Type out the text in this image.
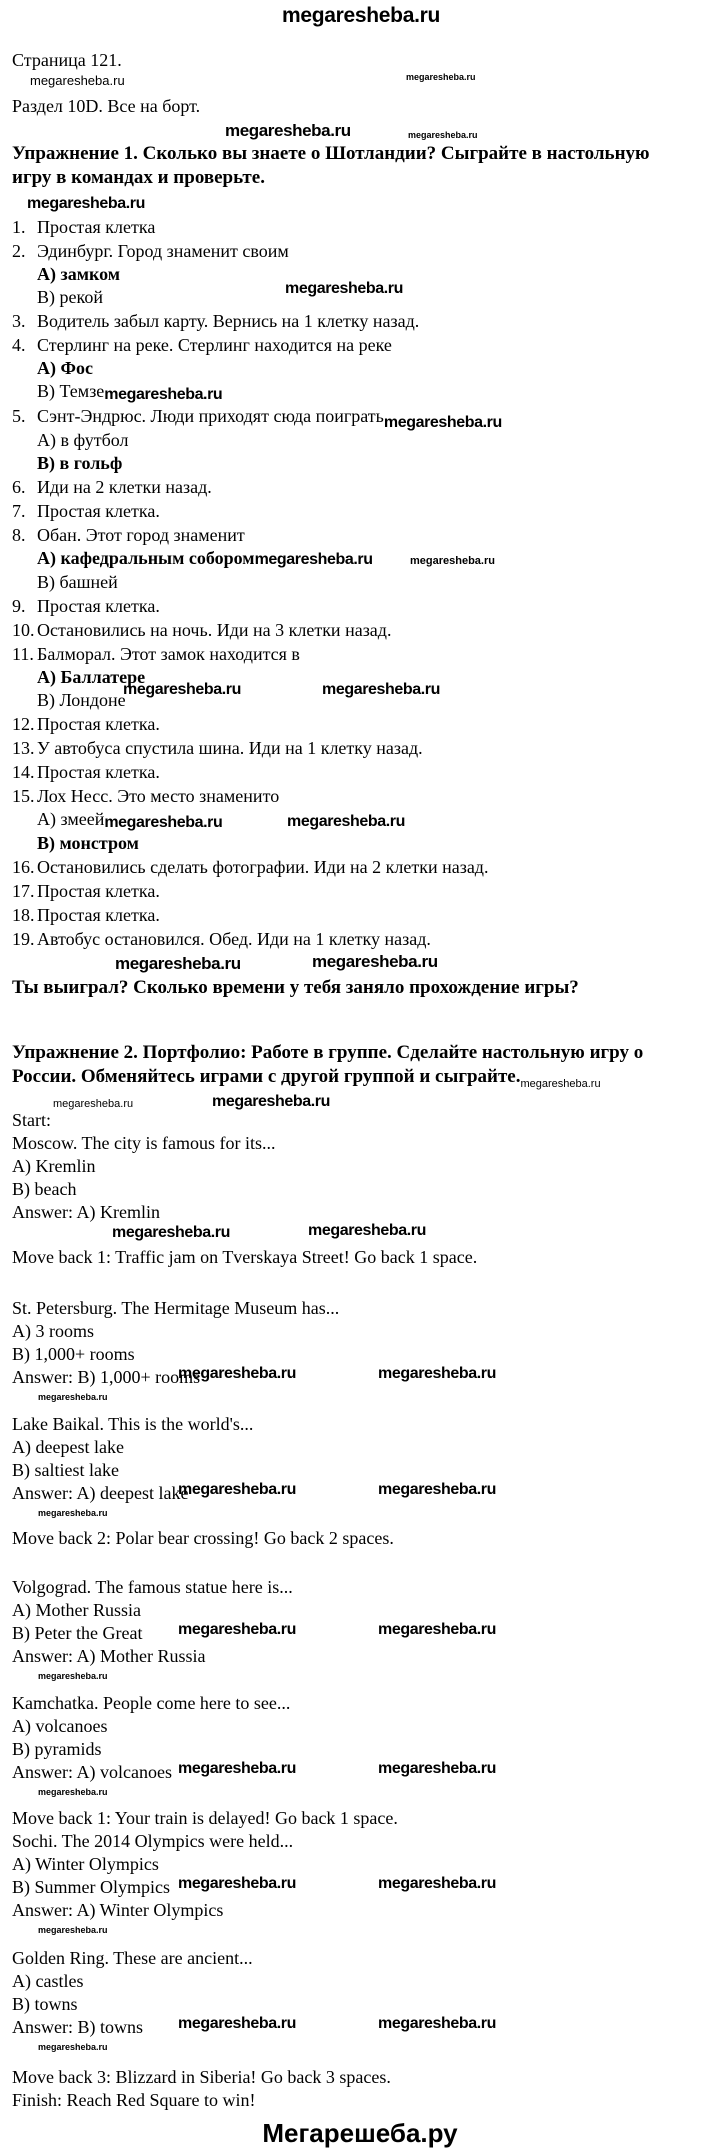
megaresheba.ru
Страница 121.
megaresheba.ru	megaresheba.ru
Раздел 10D. Все на борт.
megaresheba.ru	megaresheba.ru

Упражнение 1. Сколько вы знаете о Шотландии? Сыграйте в настольную
игру в командах и проверьте.

megaresheba.ru
1. Простая клетка
2. Эдинбург. Город знаменит своим
А) замком
В) рекой	megaresheba.ru
3. Водитель забыл карту. Вернись на 1 клетку назад.
4. Стерлинг на реке. Стерлинг находится на реке
А) Фос
В) Темзеmegaresheba.ru
5. Сэнт-Эндрюс. Люди приходят сюда поигратьmegaresheba.ru
А) в футбол
В) в гольф
6. Иди на 2 клетки назад.
7. Простая клетка.
8. Обан. Этот город знаменит
А) кафедральным соборомmegaresheba.ru	megaresheba.ru
В) башней
9. Простая клетка.
10. Остановились на ночь. Иди на 3 клетки назад.
11. Балморал. Этот замок находится в
А) Баллатере
megaresheba.ru	megaresheba.ru
В) Лондоне
12. Простая клетка.
13. У автобуса спустила шина. Иди на 1 клетку назад.
14. Простая клетка.
15. Лох Несс. Это место знаменито
А) змеейmegaresheba.ru	megaresheba.ru
В) монстром
16. Остановились сделать фотографии. Иди на 2 клетки назад.
17. Простая клетка.
18. Простая клетка.
19. Автобус остановился. Обед. Иди на 1 клетку назад.
megaresheba.ru	megaresheba.ru

Ты выиграл? Сколько времени у тебя заняло прохождение игры?

Упражнение 2. Портфолио: Работе в группе. Сделайте настольную игру о
России. Обменяйтесь играми с другой группой и $сыграйте._{megaresheba.ru}$

megaresheba.ru	megaresheba.ru
Start:
Moscow. The city is famous for its...
A) Kremlin
B) beach
Answer: A) Kremlin
megaresheba.ru	megaresheba.ru
Move back 1: Traffic jam on Tverskaya Street! Go back 1 space.
St. Petersburg. The Hermitage Museum has...
A) 3 rooms
B) 1,000+ rooms
Answer: B) 1,000+ rooms
megaresheba.ru	megaresheba.ru
megaresheba.ru
Lake Baikal. This is the world's...
A) deepest lake
B) saltiest lake
Answer: A) deepest lake
megaresheba.ru	megaresheba.ru
megaresheba.ru
Move back 2: Polar bear crossing! Go back 2 spaces.
Volgograd. The famous statue here is...
A) Mother Russia
B) Peter the Great megaresheba.ru	megaresheba.ru
Answer: A) Mother Russia
megaresheba.ru
Kamchatka. People come here to see...
A) volcanoes
B) pyramids
Answer: A) volcanoes megaresheba.ru	megaresheba.ru
megaresheba.ru
Move back 1: Your train is delayed! Go back 1 space.
Sochi. The 2014 Olympics were held...
A) Winter Olympics
B) Summer Olympics megaresheba.ru	megaresheba.ru
Answer: A) Winter Olympics
megaresheba.ru
Golden Ring. These are ancient...
A) castles
B) towns
Answer: B) towns megaresheba.ru	megaresheba.ru
megaresheba.ru
Move back 3: Blizzard in Siberia! Go back 3 spaces.
Finish: Reach Red Square to win!
Мегарешеба.ру
